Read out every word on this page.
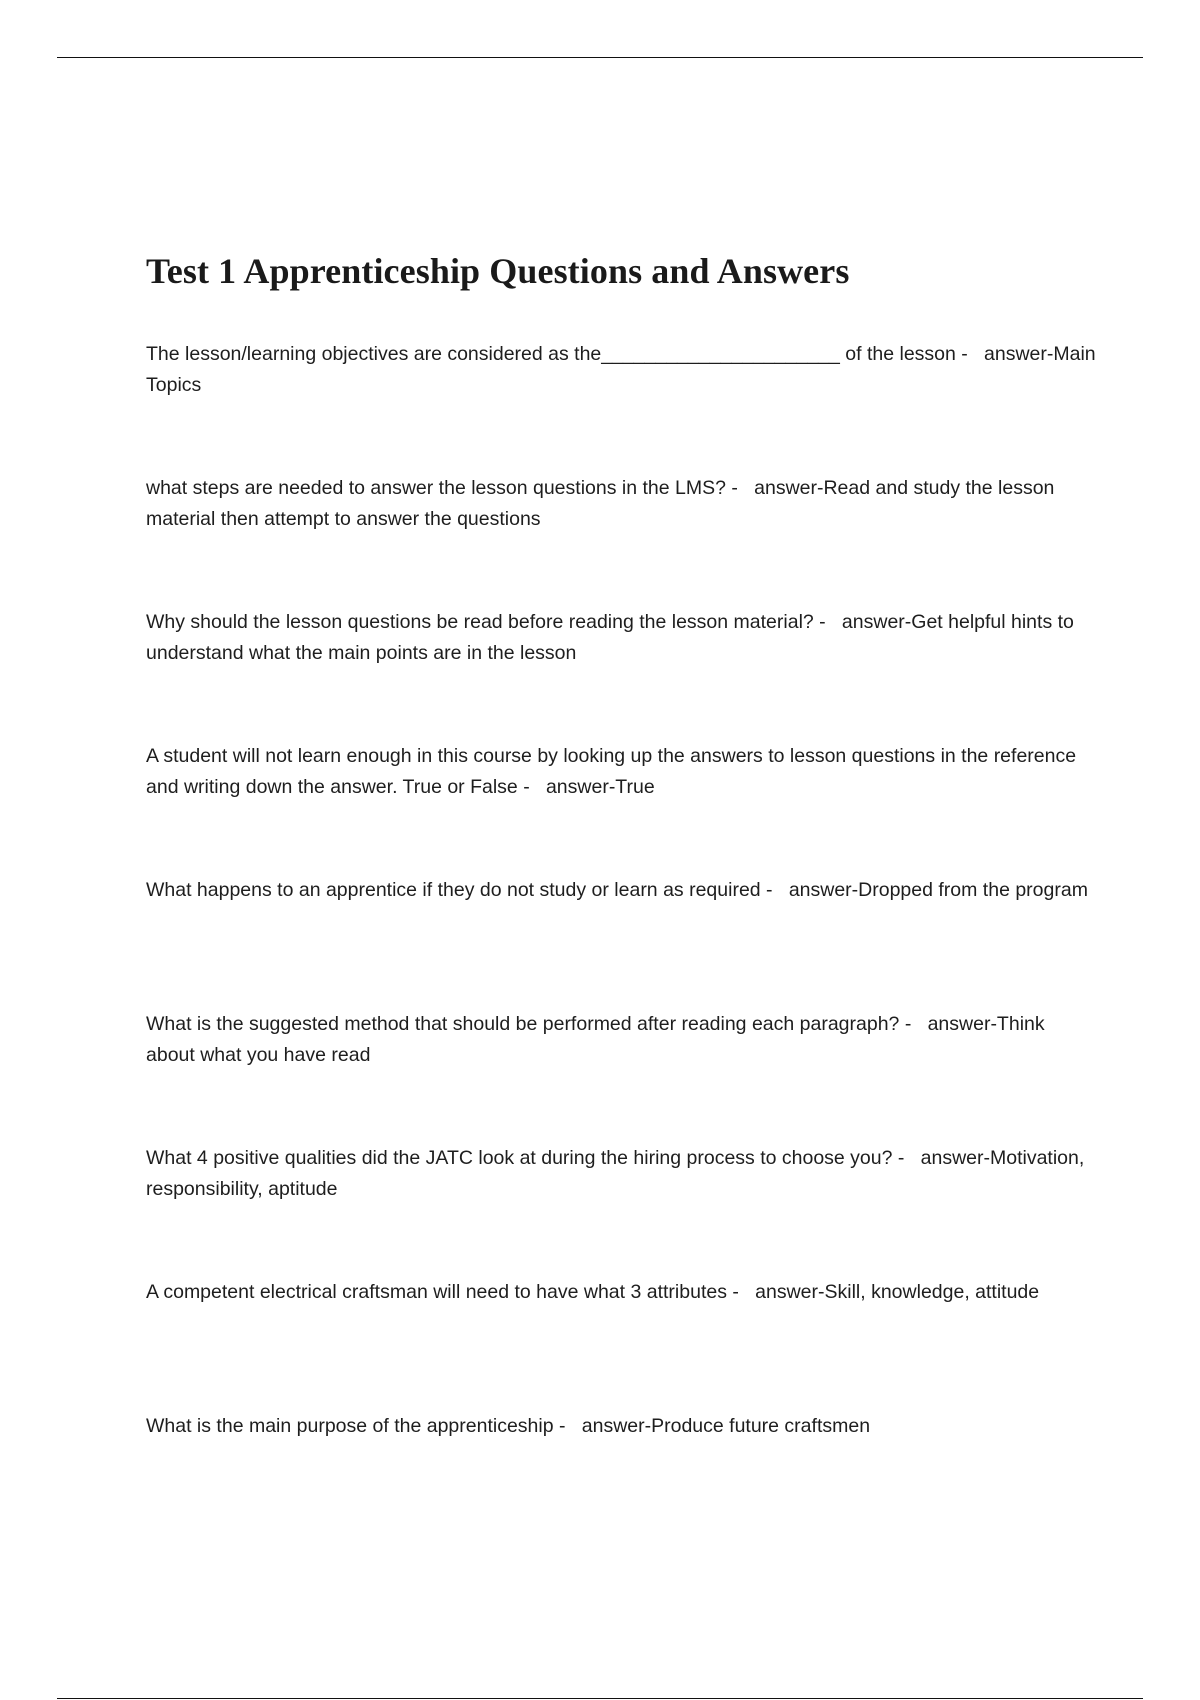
Test 1 Apprenticeship Questions and Answers
The lesson/learning objectives are considered as the______________________ of the lesson -   answer-Main Topics
what steps are needed to answer the lesson questions in the LMS? -   answer-Read and study the lesson material then attempt to answer the questions
Why should the lesson questions be read before reading the lesson material? -   answer-Get helpful hints to understand what the main points are in the lesson
A student will not learn enough in this course by looking up the answers to lesson questions in the reference and writing down the answer. True or False -   answer-True
What happens to an apprentice if they do not study or learn as required -   answer-Dropped from the program
What is the suggested method that should be performed after reading each paragraph? -   answer-Think about what you have read
What 4 positive qualities did the JATC look at during the hiring process to choose you? -   answer-Motivation, responsibility, aptitude
A competent electrical craftsman will need to have what 3 attributes -   answer-Skill, knowledge, attitude
What is the main purpose of the apprenticeship -   answer-Produce future craftsmen
